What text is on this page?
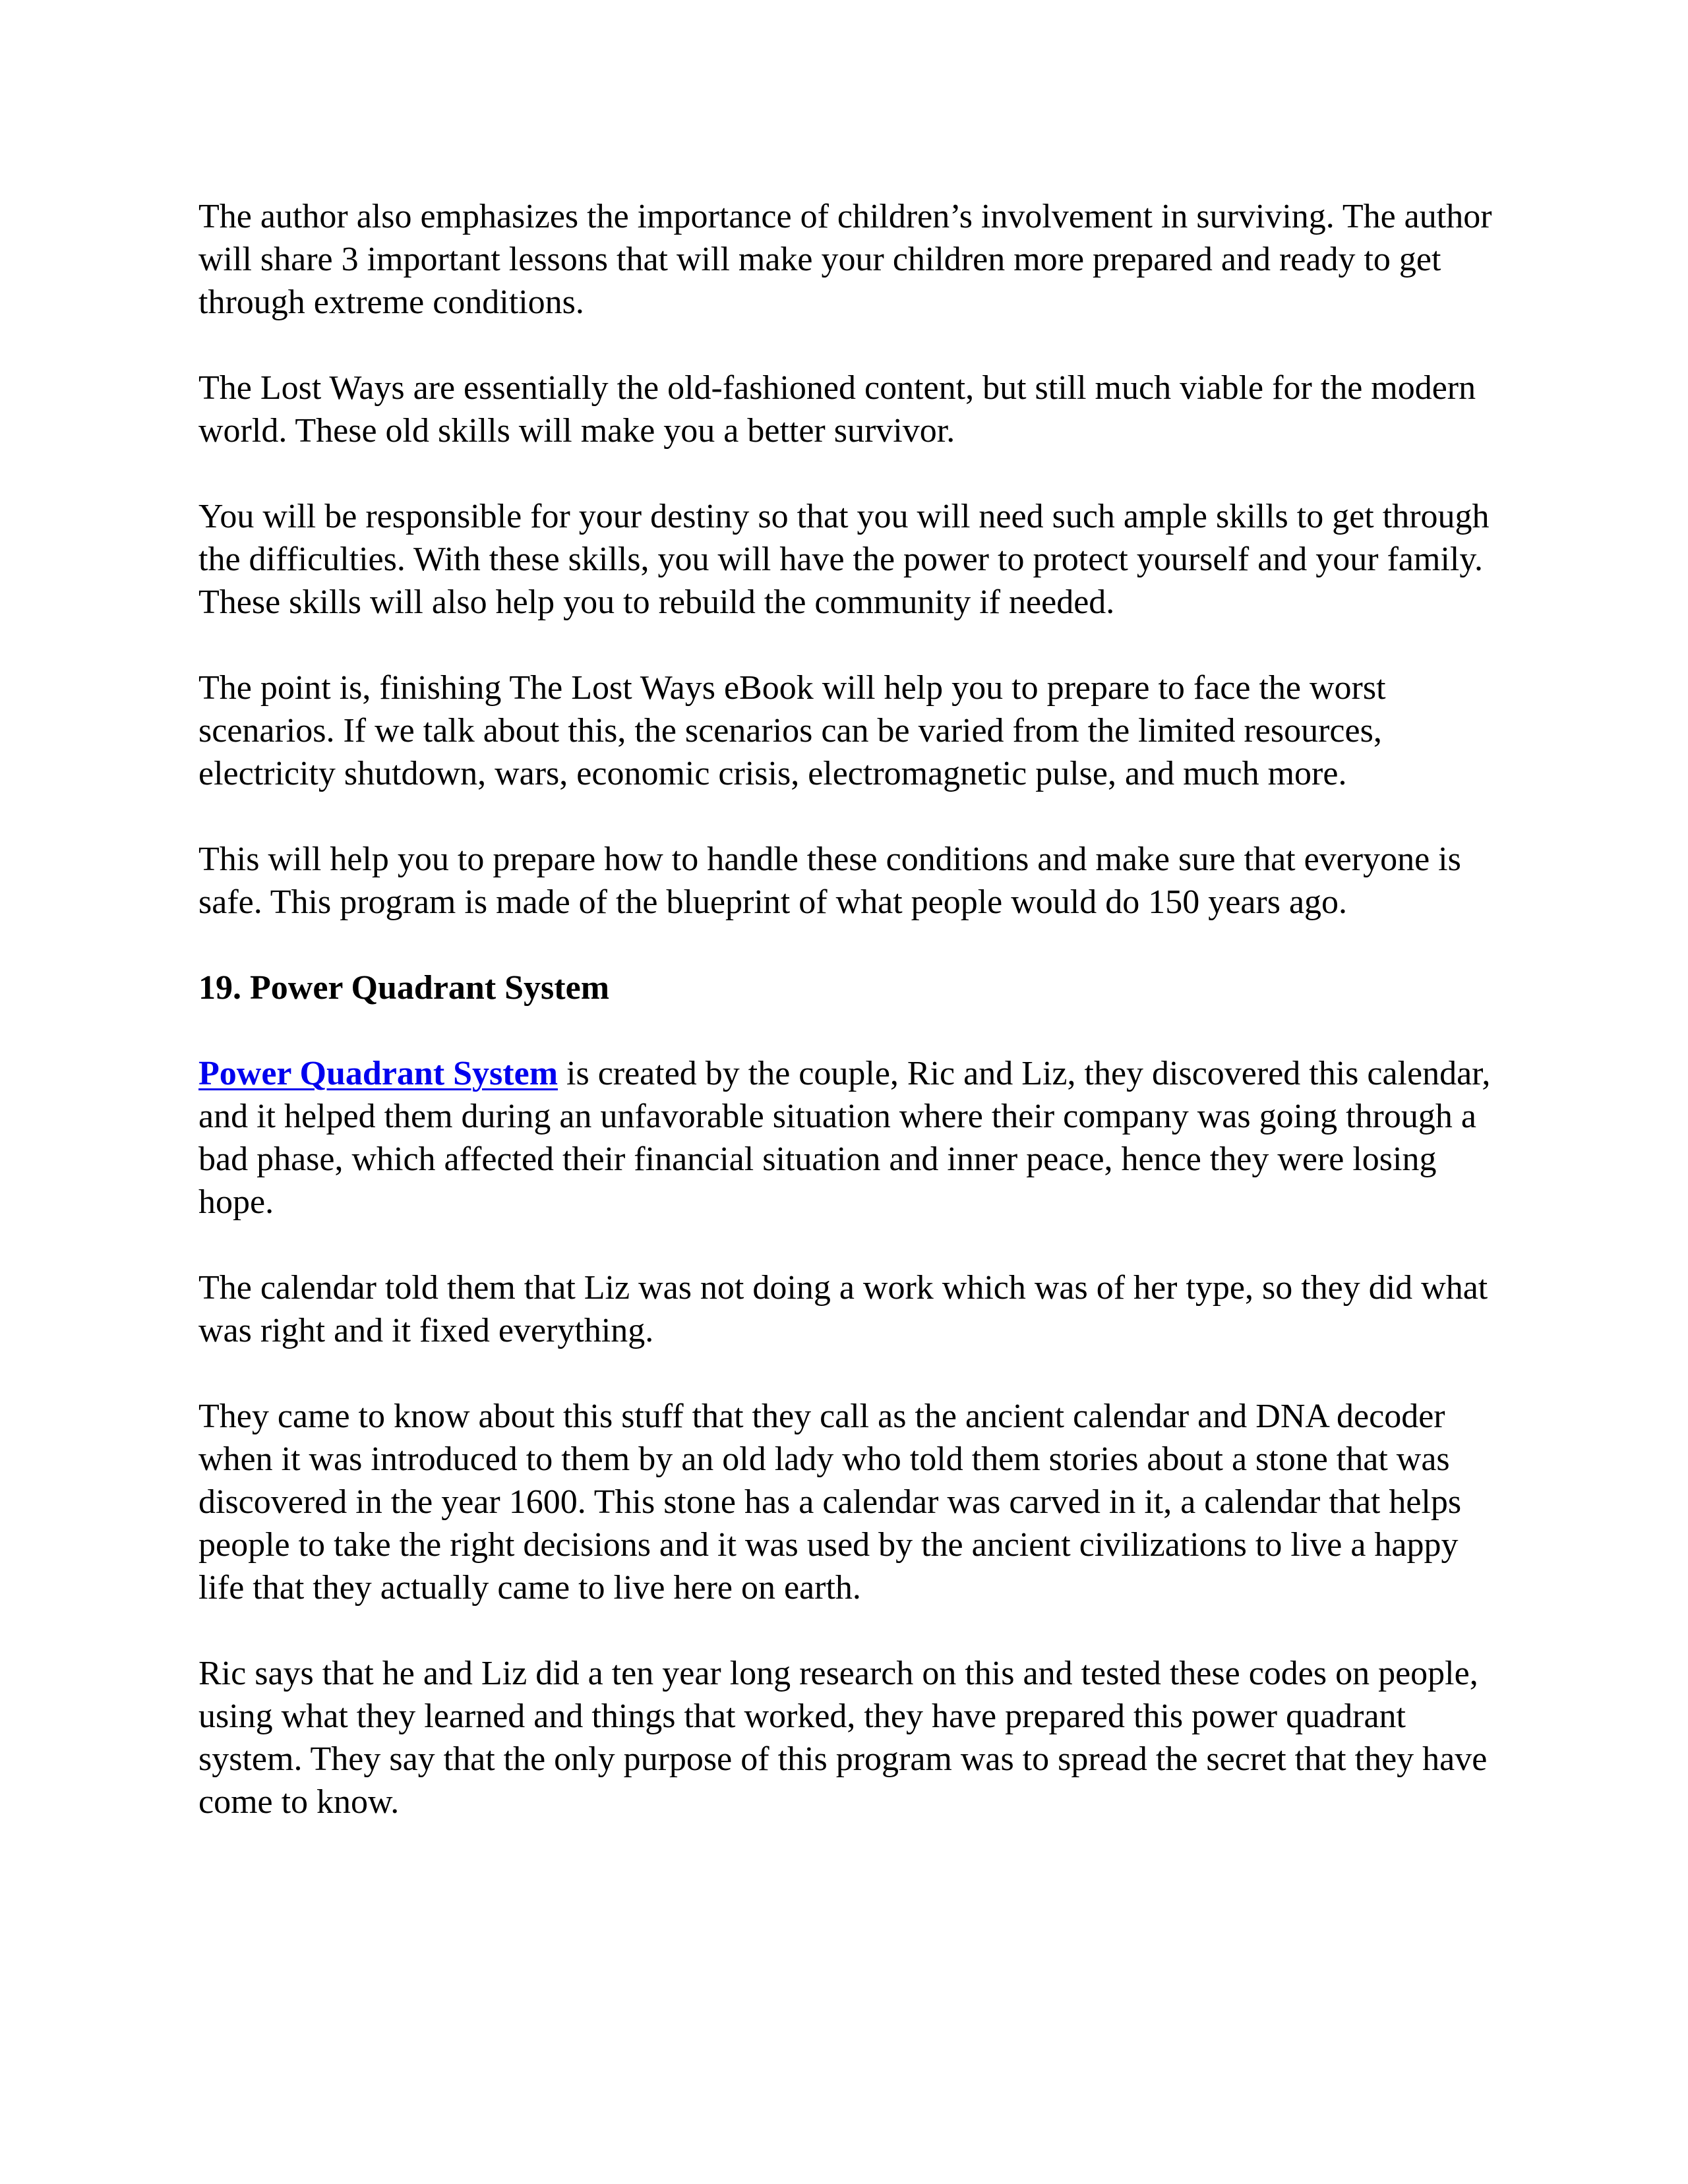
The author also emphasizes the importance of children’s involvement in surviving. The author will share 3 important lessons that will make your children more prepared and ready to get through extreme conditions.

The Lost Ways are essentially the old-fashioned content, but still much viable for the modern world. These old skills will make you a better survivor.

You will be responsible for your destiny so that you will need such ample skills to get through the difficulties. With these skills, you will have the power to protect yourself and your family. These skills will also help you to rebuild the community if needed.

The point is, finishing The Lost Ways eBook will help you to prepare to face the worst scenarios. If we talk about this, the scenarios can be varied from the limited resources, electricity shutdown, wars, economic crisis, electromagnetic pulse, and much more.

This will help you to prepare how to handle these conditions and make sure that everyone is safe. This program is made of the blueprint of what people would do 150 years ago.

19. Power Quadrant System

Power Quadrant System is created by the couple, Ric and Liz, they discovered this calendar, and it helped them during an unfavorable situation where their company was going through a bad phase, which affected their financial situation and inner peace, hence they were losing hope.

The calendar told them that Liz was not doing a work which was of her type, so they did what was right and it fixed everything.

They came to know about this stuff that they call as the ancient calendar and DNA decoder when it was introduced to them by an old lady who told them stories about a stone that was discovered in the year 1600. This stone has a calendar was carved in it, a calendar that helps people to take the right decisions and it was used by the ancient civilizations to live a happy life that they actually came to live here on earth.

Ric says that he and Liz did a ten year long research on this and tested these codes on people, using what they learned and things that worked, they have prepared this power quadrant system. They say that the only purpose of this program was to spread the secret that they have come to know.
